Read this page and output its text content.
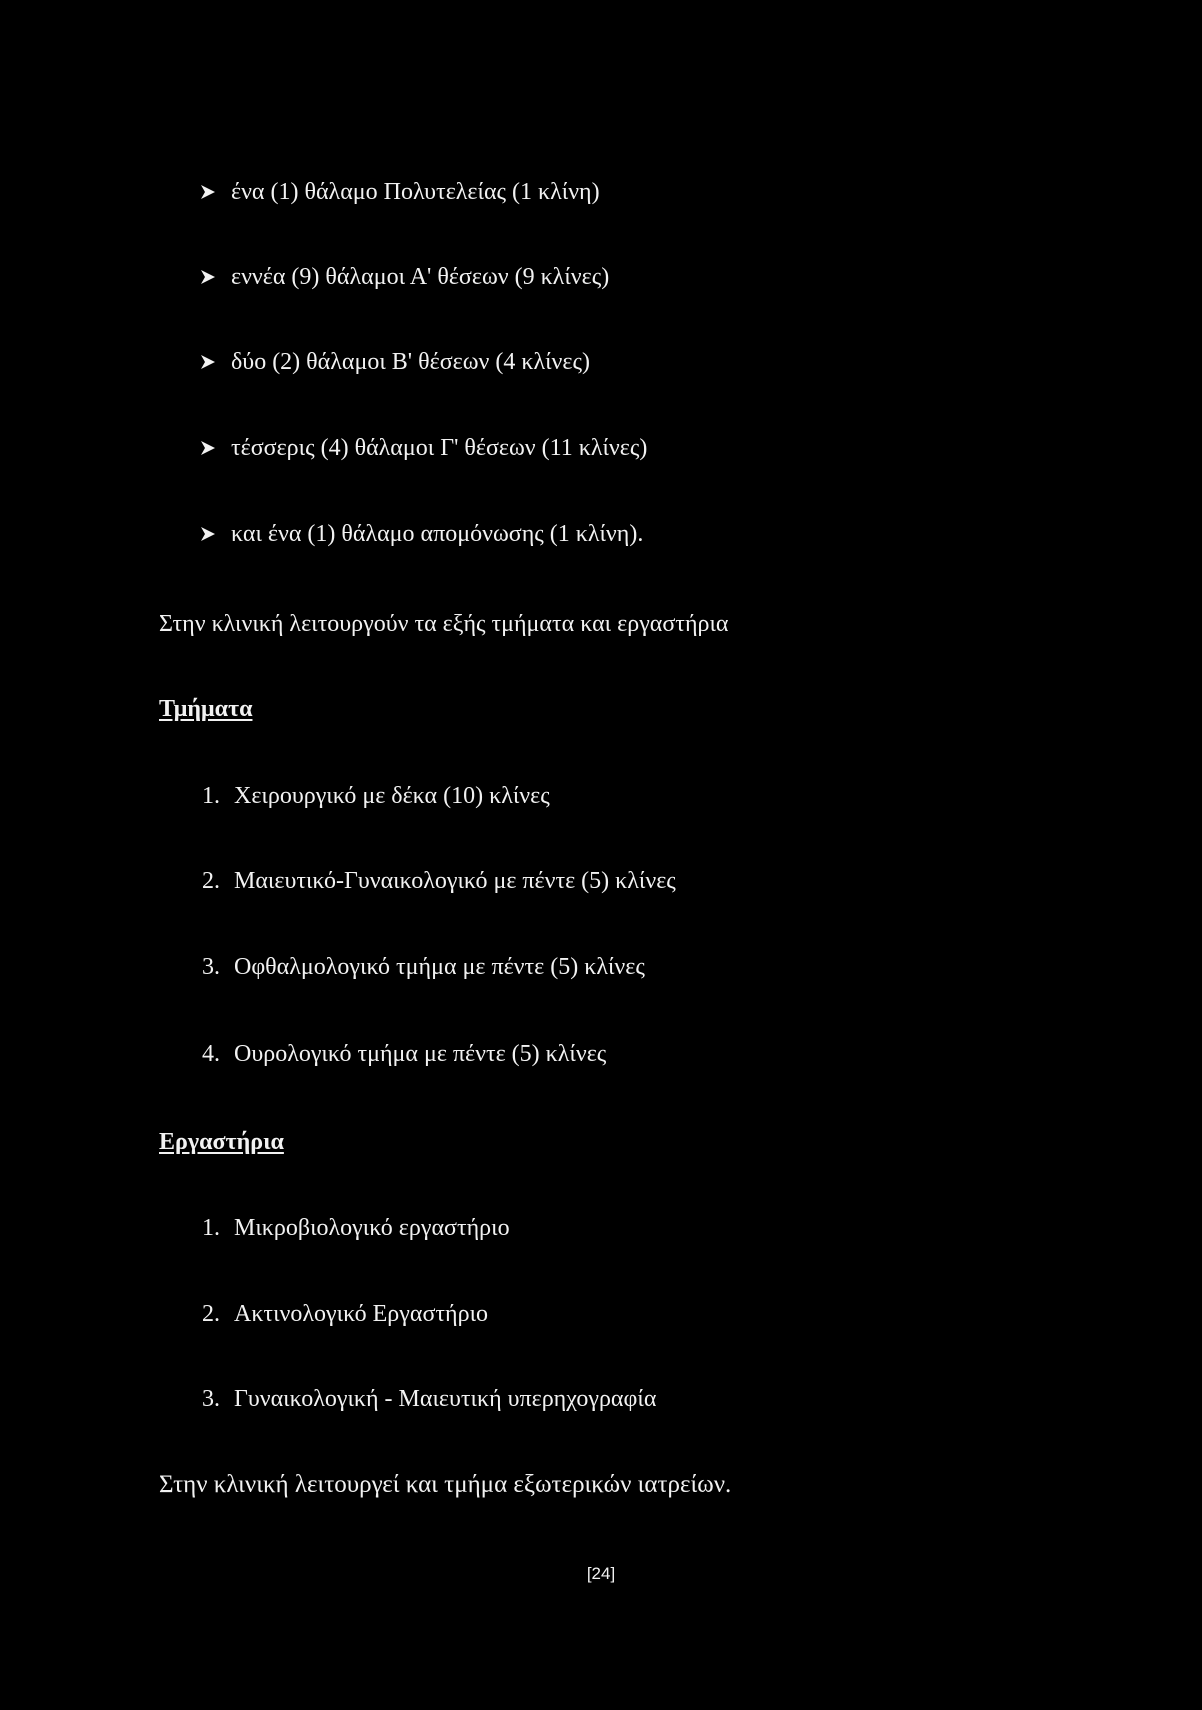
ένα (1) θάλαμο Πολυτελείας (1 κλίνη)
εννέα (9) θάλαμοι Α' θέσεων (9 κλίνες)
δύο (2) θάλαμοι Β' θέσεων (4 κλίνες)
τέσσερις (4) θάλαμοι Γ' θέσεων (11 κλίνες)
και ένα (1) θάλαμο απομόνωσης (1 κλίνη).
Στην κλινική λειτουργούν τα εξής τμήματα και εργαστήρια
Τμήματα
1. Χειρουργικό με δέκα (10) κλίνες
2. Μαιευτικό-Γυναικολογικό με πέντε (5) κλίνες
3. Οφθαλμολογικό τμήμα με πέντε (5) κλίνες
4. Ουρολογικό τμήμα με πέντε (5) κλίνες
Εργαστήρια
1. Μικροβιολογικό εργαστήριο
2. Ακτινολογικό Εργαστήριο
3. Γυναικολογική - Μαιευτική υπερηχογραφία
Στην κλινική λειτουργεί και τμήμα εξωτερικών ιατρείων.
[24]
